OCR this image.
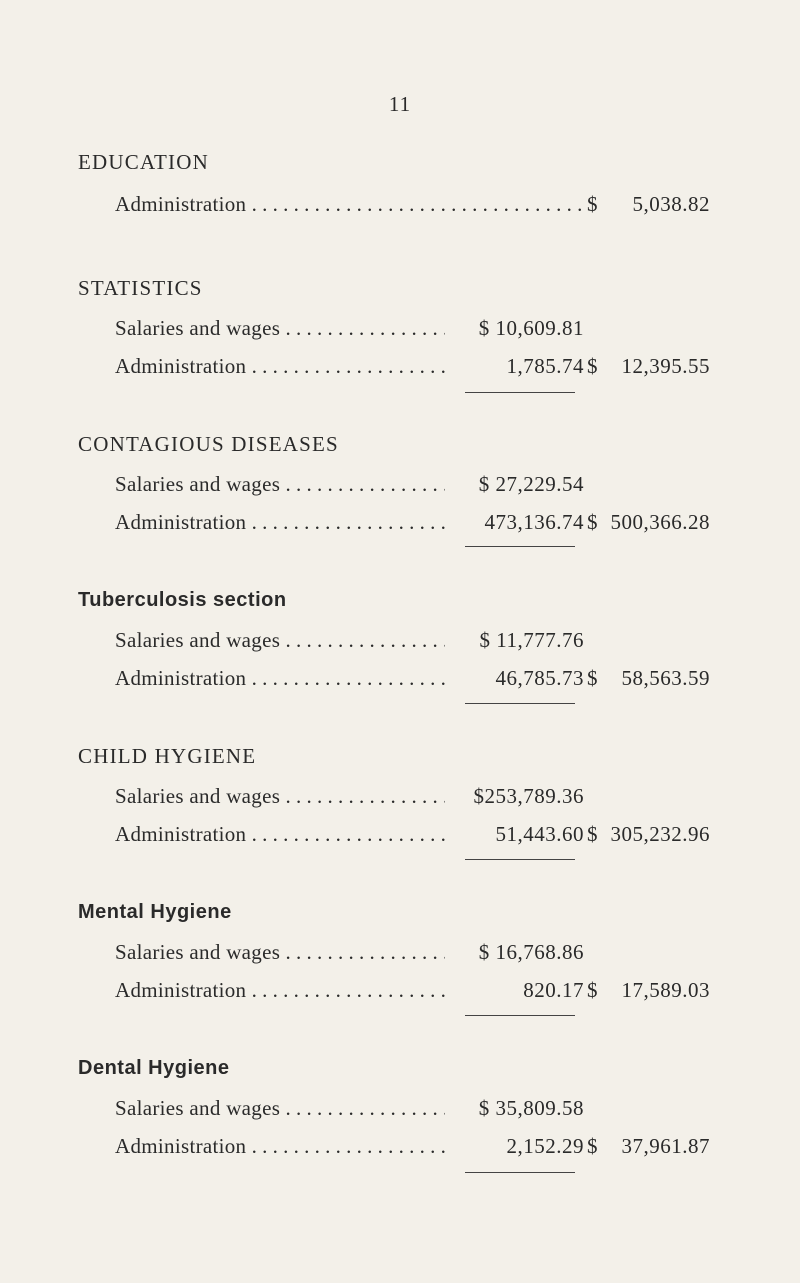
11
EDUCATION
Administration . . .	$	5,038.82
STATISTICS
Salaries and wages . . .	$ 10,609.81
Administration . . .	1,785.74 $	12,395.55
CONTAGIOUS DISEASES
Salaries and wages . . .	$ 27,229.54
Administration . . .	473,136.74 $ 500,366.28
Tuberculosis section
Salaries and wages . . .	$ 11,777.76
Administration . . .	46,785.73 $	58,563.59
CHILD HYGIENE
Salaries and wages . . .	$253,789.36
Administration . . .	51,443.60 $ 305,232.96
Mental Hygiene
Salaries and wages . . .	$ 16,768.86
Administration . . .	820.17 $	17,589.03
Dental Hygiene
Salaries and wages . . .	$ 35,809.58
Administration . . .	2,152.29 $	37,961.87
